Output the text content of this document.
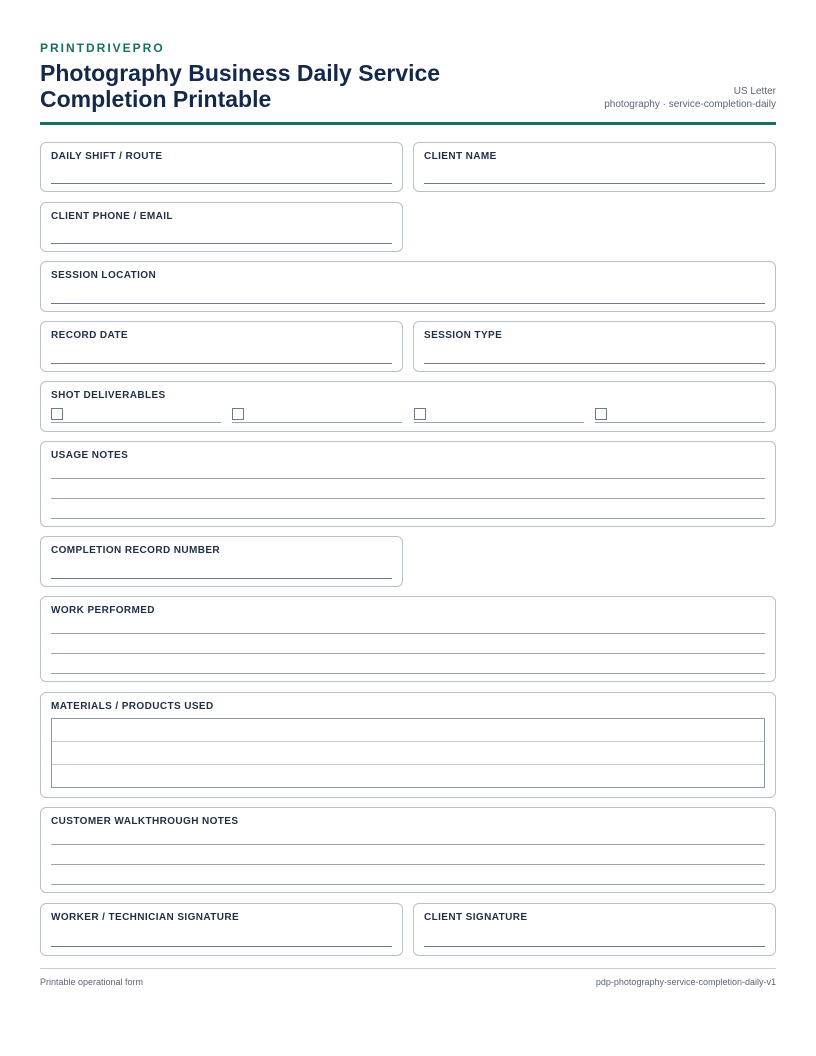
PRINTDRIVEPRO
Photography Business Daily Service Completion Printable	US Letter
photography · service-completion-daily
DAILY SHIFT / ROUTE	CLIENT NAME
CLIENT PHONE / EMAIL
SESSION LOCATION
RECORD DATE	SESSION TYPE
SHOT DELIVERABLES
USAGE NOTES
COMPLETION RECORD NUMBER
WORK PERFORMED
MATERIALS / PRODUCTS USED
CUSTOMER WALKTHROUGH NOTES
WORKER / TECHNICIAN SIGNATURE	CLIENT SIGNATURE
Printable operational form	pdp-photography-service-completion-daily-v1
